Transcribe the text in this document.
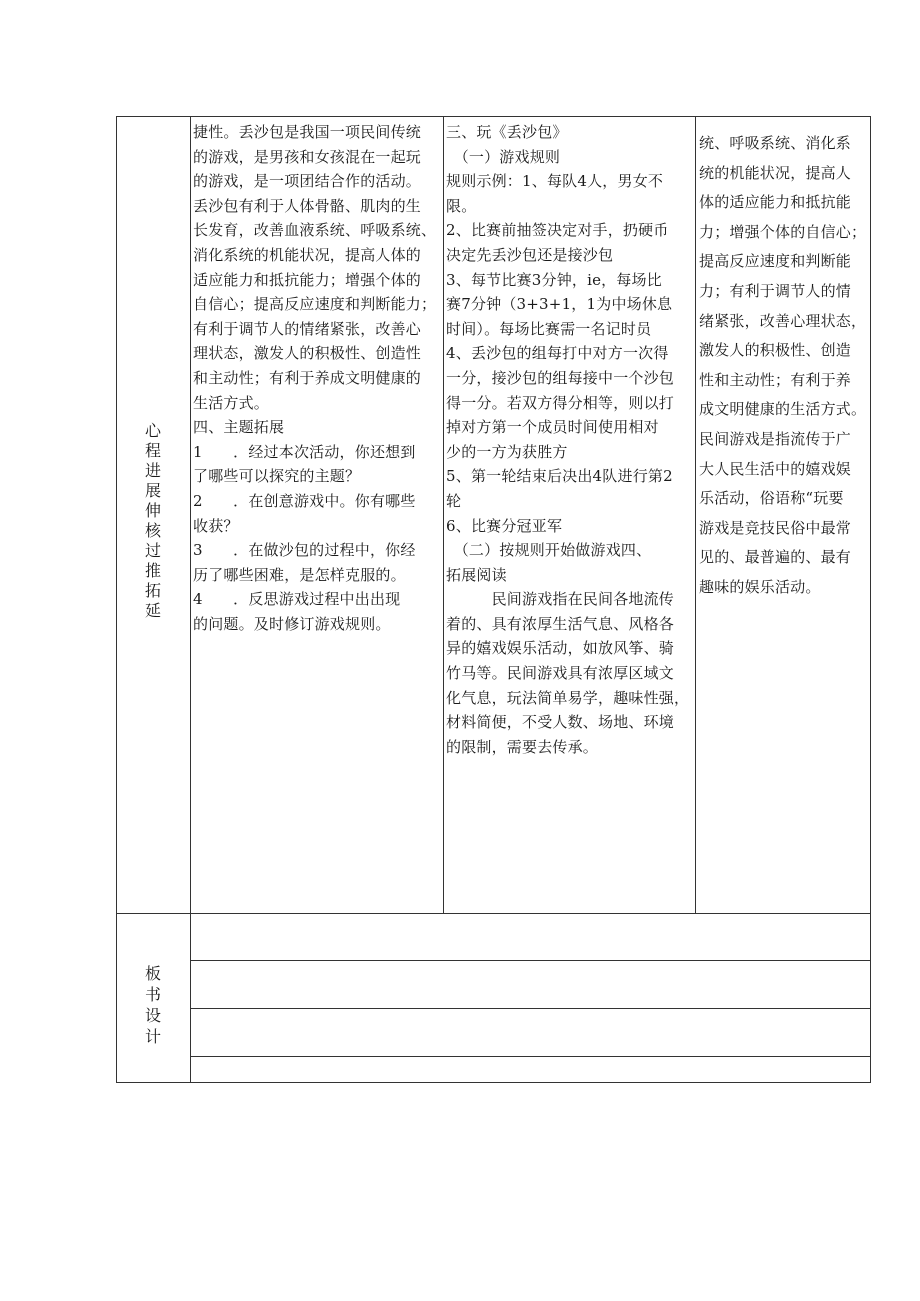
心
程
进
展
伸
核
过
推
拓
延

捷性。丢沙包是我国一项民间传统

的游戏，是男孩和女孩混在一起玩

的游戏，是一项团结合作的活动。

丢沙包有利于人体骨骼、肌肉的生

长发育，改善血液系统、呼吸系统、

消化系统的机能状况，提高人体的

适应能力和抵抗能力；增强个体的

自信心；提高反应速度和判断能力；

有利于调节人的情绪紧张，改善心

理状态，激发人的积极性、创造性

和主动性；有利于养成文明健康的

生活方式。

四、主题拓展

1　　．经过本次活动，你还想到

了哪些可以探究的主题？

2　　．在创意游戏中。你有哪些

收获？

3　　．在做沙包的过程中，你经

历了哪些困难，是怎样克服的。

4　　．反思游戏过程中出出现

的问题。及时修订游戏规则。

三、玩《丢沙包》

　（一）游戏规则

规则示例：1、每队4人，男女不

限。

2、比赛前抽签决定对手，扔硬币

决定先丢沙包还是接沙包

3、每节比赛3分钟，ie，每场比

赛7分钟（3+3+1，1为中场休息

时间）。每场比赛需一名记时员

4、丢沙包的组每打中对方一次得

一分，接沙包的组每接中一个沙包

得一分。若双方得分相等，则以打

掉对方第一个成员时间使用相对

少的一方为获胜方

5、第一轮结束后决出4队进行第2

轮

6、比赛分冠亚军

　（二）按规则开始做游戏四、

拓展阅读

　　　民间游戏指在民间各地流传

着的、具有浓厚生活气息、风格各

异的嬉戏娱乐活动，如放风筝、骑

竹马等。民间游戏具有浓厚区域文

化气息，玩法简单易学，趣味性强，

材料简便，不受人数、场地、环境

的限制，需要去传承。

统、呼吸系统、消化系

统的机能状况，提高人

体的适应能力和抵抗能

力；增强个体的自信心；

提高反应速度和判断能

力；有利于调节人的情

绪紧张，改善心理状态，

激发人的积极性、创造

性和主动性；有利于养

成文明健康的生活方式。

民间游戏是指流传于广

大人民生活中的嬉戏娱

乐活动，俗语称“玩要

游戏是竞技民俗中最常

见的、最普遍的、最有

趣味的娱乐活动。

板
书
设
计
